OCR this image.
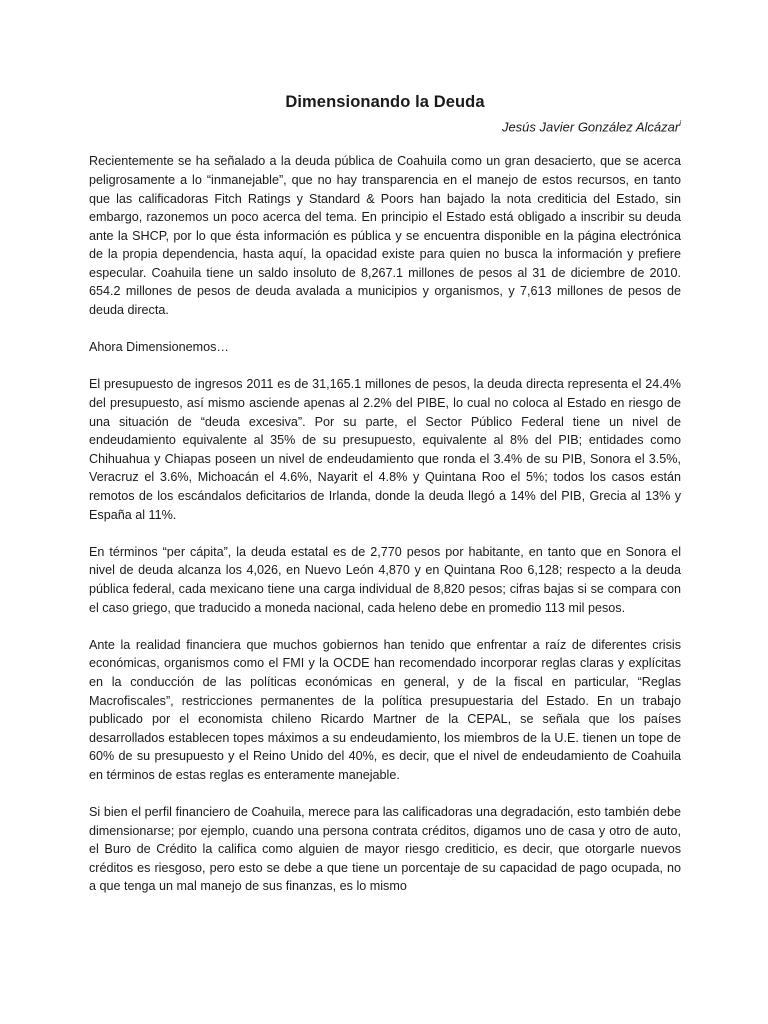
Dimensionando la Deuda

Jesús Javier González Alcázar$^i$

Recientemente se ha señalado a la deuda pública de Coahuila como un gran desacierto, que se acerca peligrosamente a lo “inmanejable”, que no hay transparencia en el manejo de estos recursos, en tanto que las calificadoras Fitch Ratings y Standard & Poors han bajado la nota crediticia del Estado, sin embargo, razonemos un poco acerca del tema. En principio el Estado está obligado a inscribir su deuda ante la SHCP, por lo que ésta información es pública y se encuentra disponible en la página electrónica de la propia dependencia, hasta aquí, la opacidad existe para quien no busca la información y prefiere especular. Coahuila tiene un saldo insoluto de 8,267.1 millones de pesos al 31 de diciembre de 2010. 654.2 millones de pesos de deuda avalada a municipios y organismos, y 7,613 millones de pesos de deuda directa.

Ahora Dimensionemos…

El presupuesto de ingresos 2011 es de 31,165.1 millones de pesos, la deuda directa representa el 24.4% del presupuesto, así mismo asciende apenas al 2.2% del PIBE, lo cual no coloca al Estado en riesgo de una situación de “deuda excesiva”. Por su parte, el Sector Público Federal tiene un nivel de endeudamiento equivalente al 35% de su presupuesto, equivalente al 8% del PIB; entidades como Chihuahua y Chiapas poseen un nivel de endeudamiento que ronda el 3.4% de su PIB, Sonora el 3.5%, Veracruz el 3.6%, Michoacán el 4.6%, Nayarit el 4.8% y Quintana Roo el 5%; todos los casos están remotos de los escándalos deficitarios de Irlanda, donde la deuda llegó a 14% del PIB, Grecia al 13% y España al 11%.

En términos “per cápita”, la deuda estatal es de 2,770 pesos por habitante, en tanto que en Sonora el nivel de deuda alcanza los 4,026, en Nuevo León 4,870 y en Quintana Roo 6,128; respecto a la deuda pública federal, cada mexicano tiene una carga individual de 8,820 pesos; cifras bajas si se compara con el caso griego, que traducido a moneda nacional, cada heleno debe en promedio 113 mil pesos.

Ante la realidad financiera que muchos gobiernos han tenido que enfrentar a raíz de diferentes crisis económicas, organismos como el FMI y la OCDE han recomendado incorporar reglas claras y explícitas en la conducción de las políticas económicas en general, y de la fiscal en particular, “Reglas Macrofiscales”, restricciones permanentes de la política presupuestaria del Estado. En un trabajo publicado por el economista chileno Ricardo Martner de la CEPAL, se señala que los países desarrollados establecen topes máximos a su endeudamiento, los miembros de la U.E. tienen un tope de 60% de su presupuesto y el Reino Unido del 40%, es decir, que el nivel de endeudamiento de Coahuila en términos de estas reglas es enteramente manejable.

Si bien el perfil financiero de Coahuila, merece para las calificadoras una degradación, esto también debe dimensionarse; por ejemplo, cuando una persona contrata créditos, digamos uno de casa y otro de auto, el Buro de Crédito la califica como alguien de mayor riesgo crediticio, es decir, que otorgarle nuevos créditos es riesgoso, pero esto se debe a que tiene un porcentaje de su capacidad de pago ocupada, no a que tenga un mal manejo de sus finanzas, es lo mismo
